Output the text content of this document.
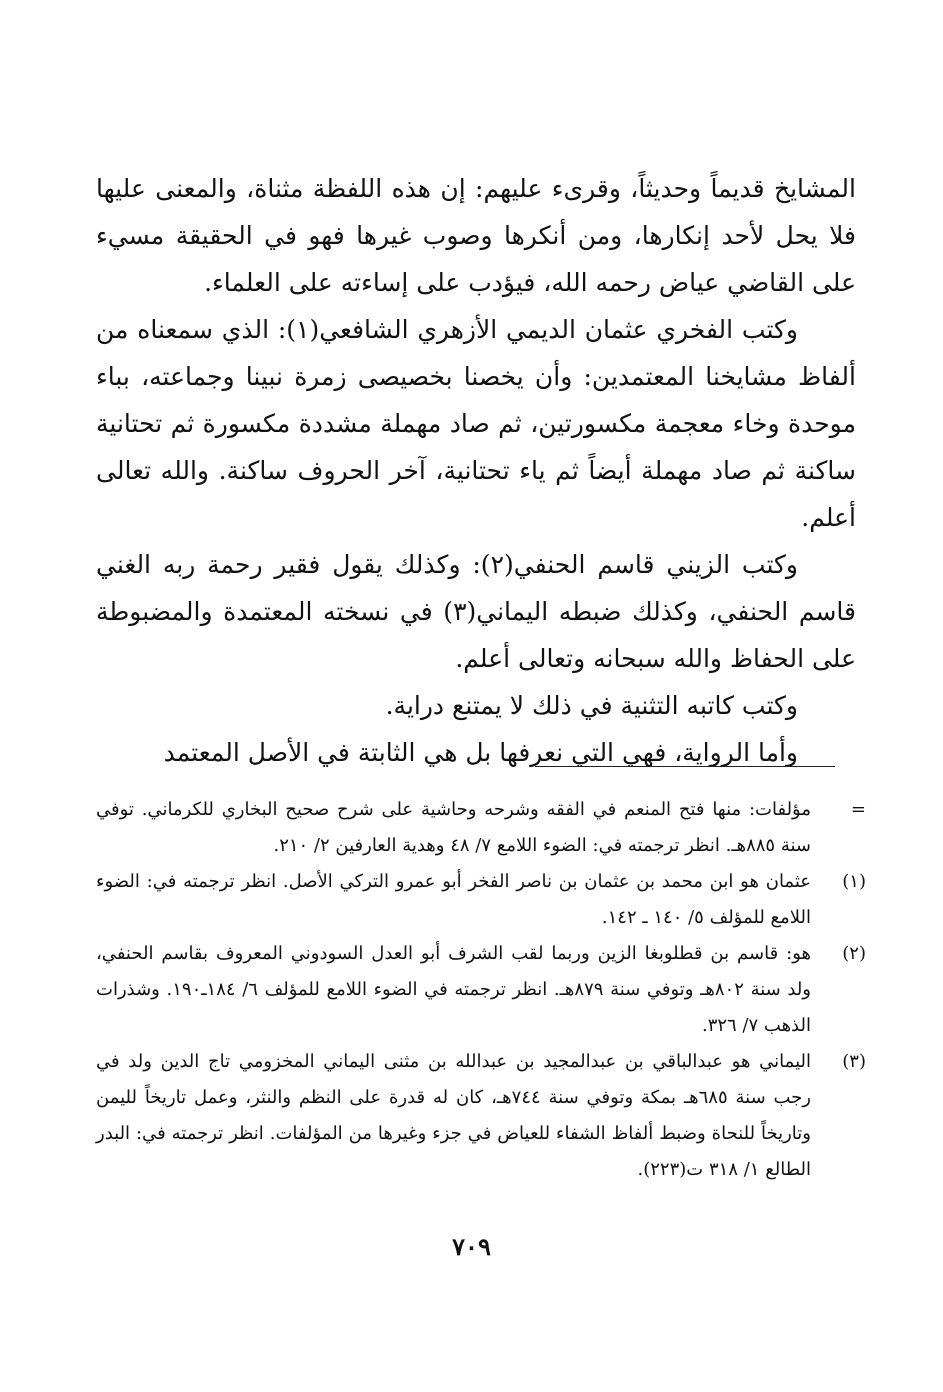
المشايخ قديماً وحديثاً، وقرىء عليهم: إن هذه اللفظة مثناة، والمعنى عليها فلا يحل لأحد إنكارها، ومن أنكرها وصوب غيرها فهو في الحقيقة مسيء على القاضي عياض رحمه الله، فيؤدب على إساءته على العلماء.

وكتب الفخري عثمان الديمي الأزهري الشافعي(١): الذي سمعناه من ألفاظ مشايخنا المعتمدين: وأن يخصنا بخصيصى زمرة نبينا وجماعته، بباء موحدة وخاء معجمة مكسورتين، ثم صاد مهملة مشددة مكسورة ثم تحتانية ساكنة ثم صاد مهملة أيضاً ثم ياء تحتانية، آخر الحروف ساكنة. والله تعالى أعلم.

وكتب الزيني قاسم الحنفي(٢): وكذلك يقول فقير رحمة ربه الغني قاسم الحنفي، وكذلك ضبطه اليماني(٣) في نسخته المعتمدة والمضبوطة على الحفاظ والله سبحانه وتعالى أعلم.

وكتب كاتبه التثنية في ذلك لا يمتنع دراية.

وأما الرواية، فهي التي نعرفها بل هي الثابتة في الأصل المعتمد

=
مؤلفات: منها فتح المنعم في الفقه وشرحه وحاشية على شرح صحيح البخاري للكرماني. توفي سنة ٨٨٥هـ. انظر ترجمته في: الضوء اللامع ٧/ ٤٨ وهدية العارفين ٢/ ٢١٠.
(١)
عثمان هو ابن محمد بن عثمان بن ناصر الفخر أبو عمرو التركي الأصل. انظر ترجمته في: الضوء اللامع للمؤلف ٥/ ١٤٠ ـ ١٤٢.
(٢)
هو: قاسم بن قطلوبغا الزين وربما لقب الشرف أبو العدل السودوني المعروف بقاسم الحنفي، ولد سنة ٨٠٢هـ وتوفي سنة ٨٧٩هـ. انظر ترجمته في الضوء اللامع للمؤلف ٦/ ١٨٤ـ١٩٠. وشذرات الذهب ٧/ ٣٢٦.
(٣)
اليماني هو عبدالباقي بن عبدالمجيد بن عبدالله بن مثنى اليماني المخزومي تاج الدين ولد في رجب سنة ٦٨٥هـ بمكة وتوفي سنة ٧٤٤هـ، كان له قدرة على النظم والنثر، وعمل تاريخاً لليمن وتاريخاً للنحاة وضبط ألفاظ الشفاء للعياض في جزء وغيرها من المؤلفات. انظر ترجمته في: البدر الطالع ١/ ٣١٨ ت(٢٢٣).
٧٠٩
